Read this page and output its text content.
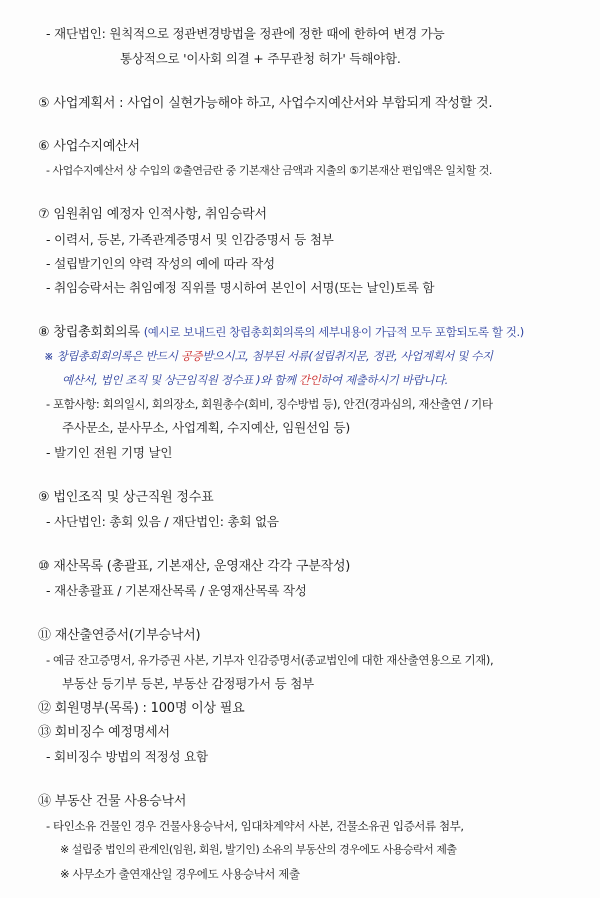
- 재단법인: 원칙적으로 정관변경방법을 정관에 정한 때에 한하여 변경 가능
통상적으로 '이사회 의결 + 주무관청 허가' 득해야함.
⑤ 사업계획서 : 사업이 실현가능해야 하고, 사업수지예산서와 부합되게 작성할 것.
⑥ 사업수지예산서
- 사업수지예산서 상 수입의 ②출연금란 중 기본재산 금액과 지출의 ⑤기본재산 편입액은 일치할 것.
⑦ 임원취임 예정자 인적사항, 취임승락서
- 이력서, 등본, 가족관계증명서 및 인감증명서 등 첨부
- 설립발기인의 약력 작성의 예에 따라 작성
- 취임승락서는 취임예정 직위를 명시하여 본인이 서명(또는 날인)토록 함
⑧ 창립총회회의록 (예시로 보내드린 창립총회회의록의 세부내용이 가급적 모두 포함되도록 할 것.)
※ 창립총회회의록은 반드시 공증받으시고, 첨부된 서류(설립취지문, 정관, 사업계획서 및 수지
예산서, 법인 조직 및 상근임직원 정수표 )와 함께 간인하여 제출하시기 바랍니다.
- 포함사항: 회의일시, 회의장소, 회원총수(회비, 징수방법 등), 안건(경과심의, 재산출연 / 기타
주사문소, 분사무소, 사업계획, 수지예산, 임원선임 등)
- 발기인 전원 기명 날인
⑨ 법인조직 및 상근직원 정수표
- 사단법인: 총회 있음 / 재단법인: 총회 없음
⑩ 재산목록 (총괄표, 기본재산, 운영재산 각각 구분작성)
- 재산총괄표 / 기본재산목록 / 운영재산목록 작성
⑪ 재산출연증서(기부승낙서)
- 예금 잔고증명서, 유가증권 사본, 기부자 인감증명서(종교법인에 대한 재산출연용으로 기재),
부동산 등기부 등본, 부동산 감정평가서 등 첨부
⑫ 회원명부(목록) : 100명 이상 필요
⑬ 회비징수 예정명세서
- 회비징수 방법의 적정성 요함
⑭ 부동산 건물 사용승낙서
- 타인소유 건물인 경우 건물사용승낙서, 임대차계약서 사본, 건물소유권 입증서류 첨부,
※ 설립중 법인의 관계인(임원, 회원, 발기인) 소유의 부동산의 경우에도 사용승락서 제출
※ 사무소가 출연재산일 경우에도 사용승낙서 제출
